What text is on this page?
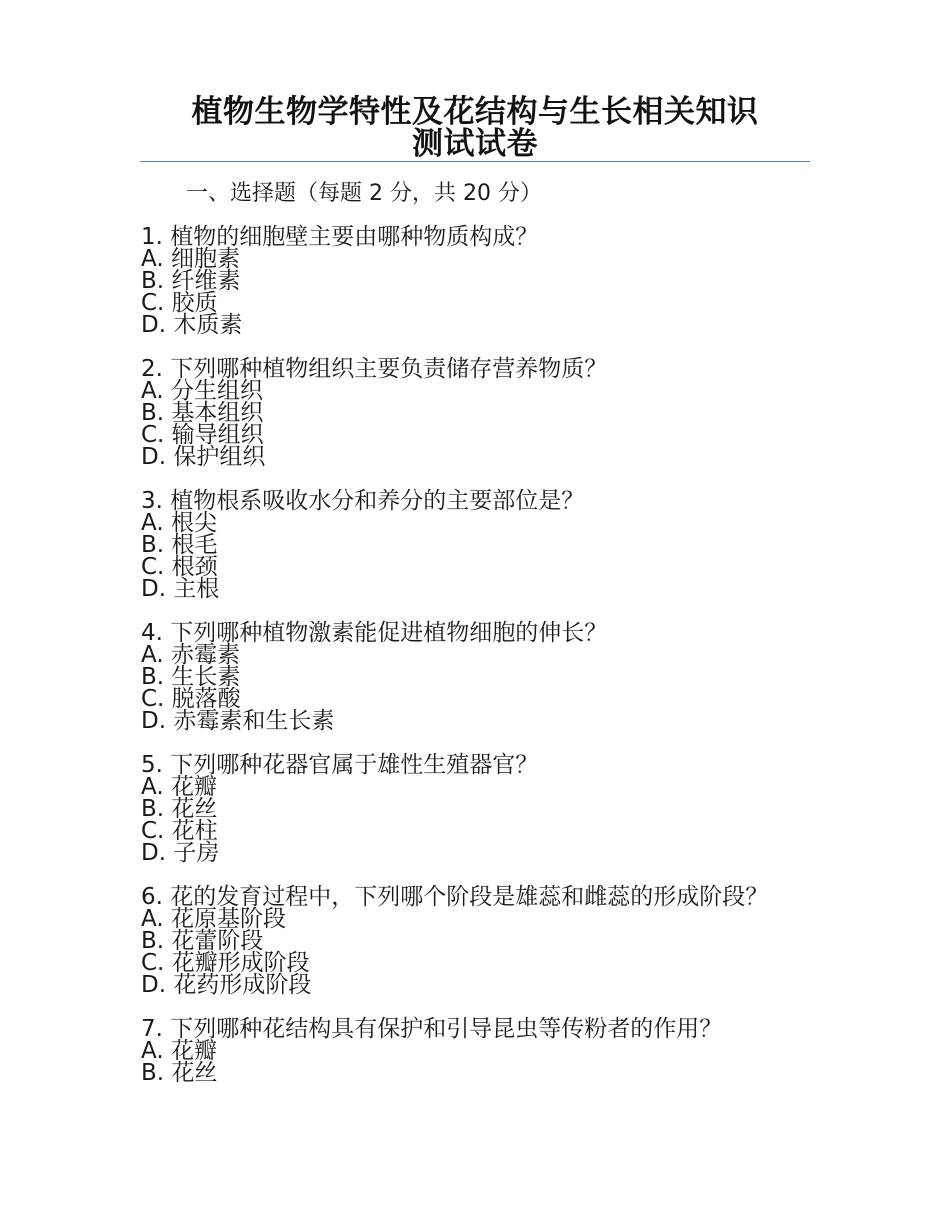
植物生物学特性及花结构与生长相关知识
测试试卷
一、选择题（每题 2 分，共 20 分）
1. 植物的细胞壁主要由哪种物质构成？
A. 细胞素
B. 纤维素
C. 胶质
D. 木质素
2. 下列哪种植物组织主要负责储存营养物质？
A. 分生组织
B. 基本组织
C. 输导组织
D. 保护组织
3. 植物根系吸收水分和养分的主要部位是？
A. 根尖
B. 根毛
C. 根颈
D. 主根
4. 下列哪种植物激素能促进植物细胞的伸长？
A. 赤霉素
B. 生长素
C. 脱落酸
D. 赤霉素和生长素
5. 下列哪种花器官属于雄性生殖器官？
A. 花瓣
B. 花丝
C. 花柱
D. 子房
6. 花的发育过程中，下列哪个阶段是雄蕊和雌蕊的形成阶段？
A. 花原基阶段
B. 花蕾阶段
C. 花瓣形成阶段
D. 花药形成阶段
7. 下列哪种花结构具有保护和引导昆虫等传粉者的作用？
A. 花瓣
B. 花丝
